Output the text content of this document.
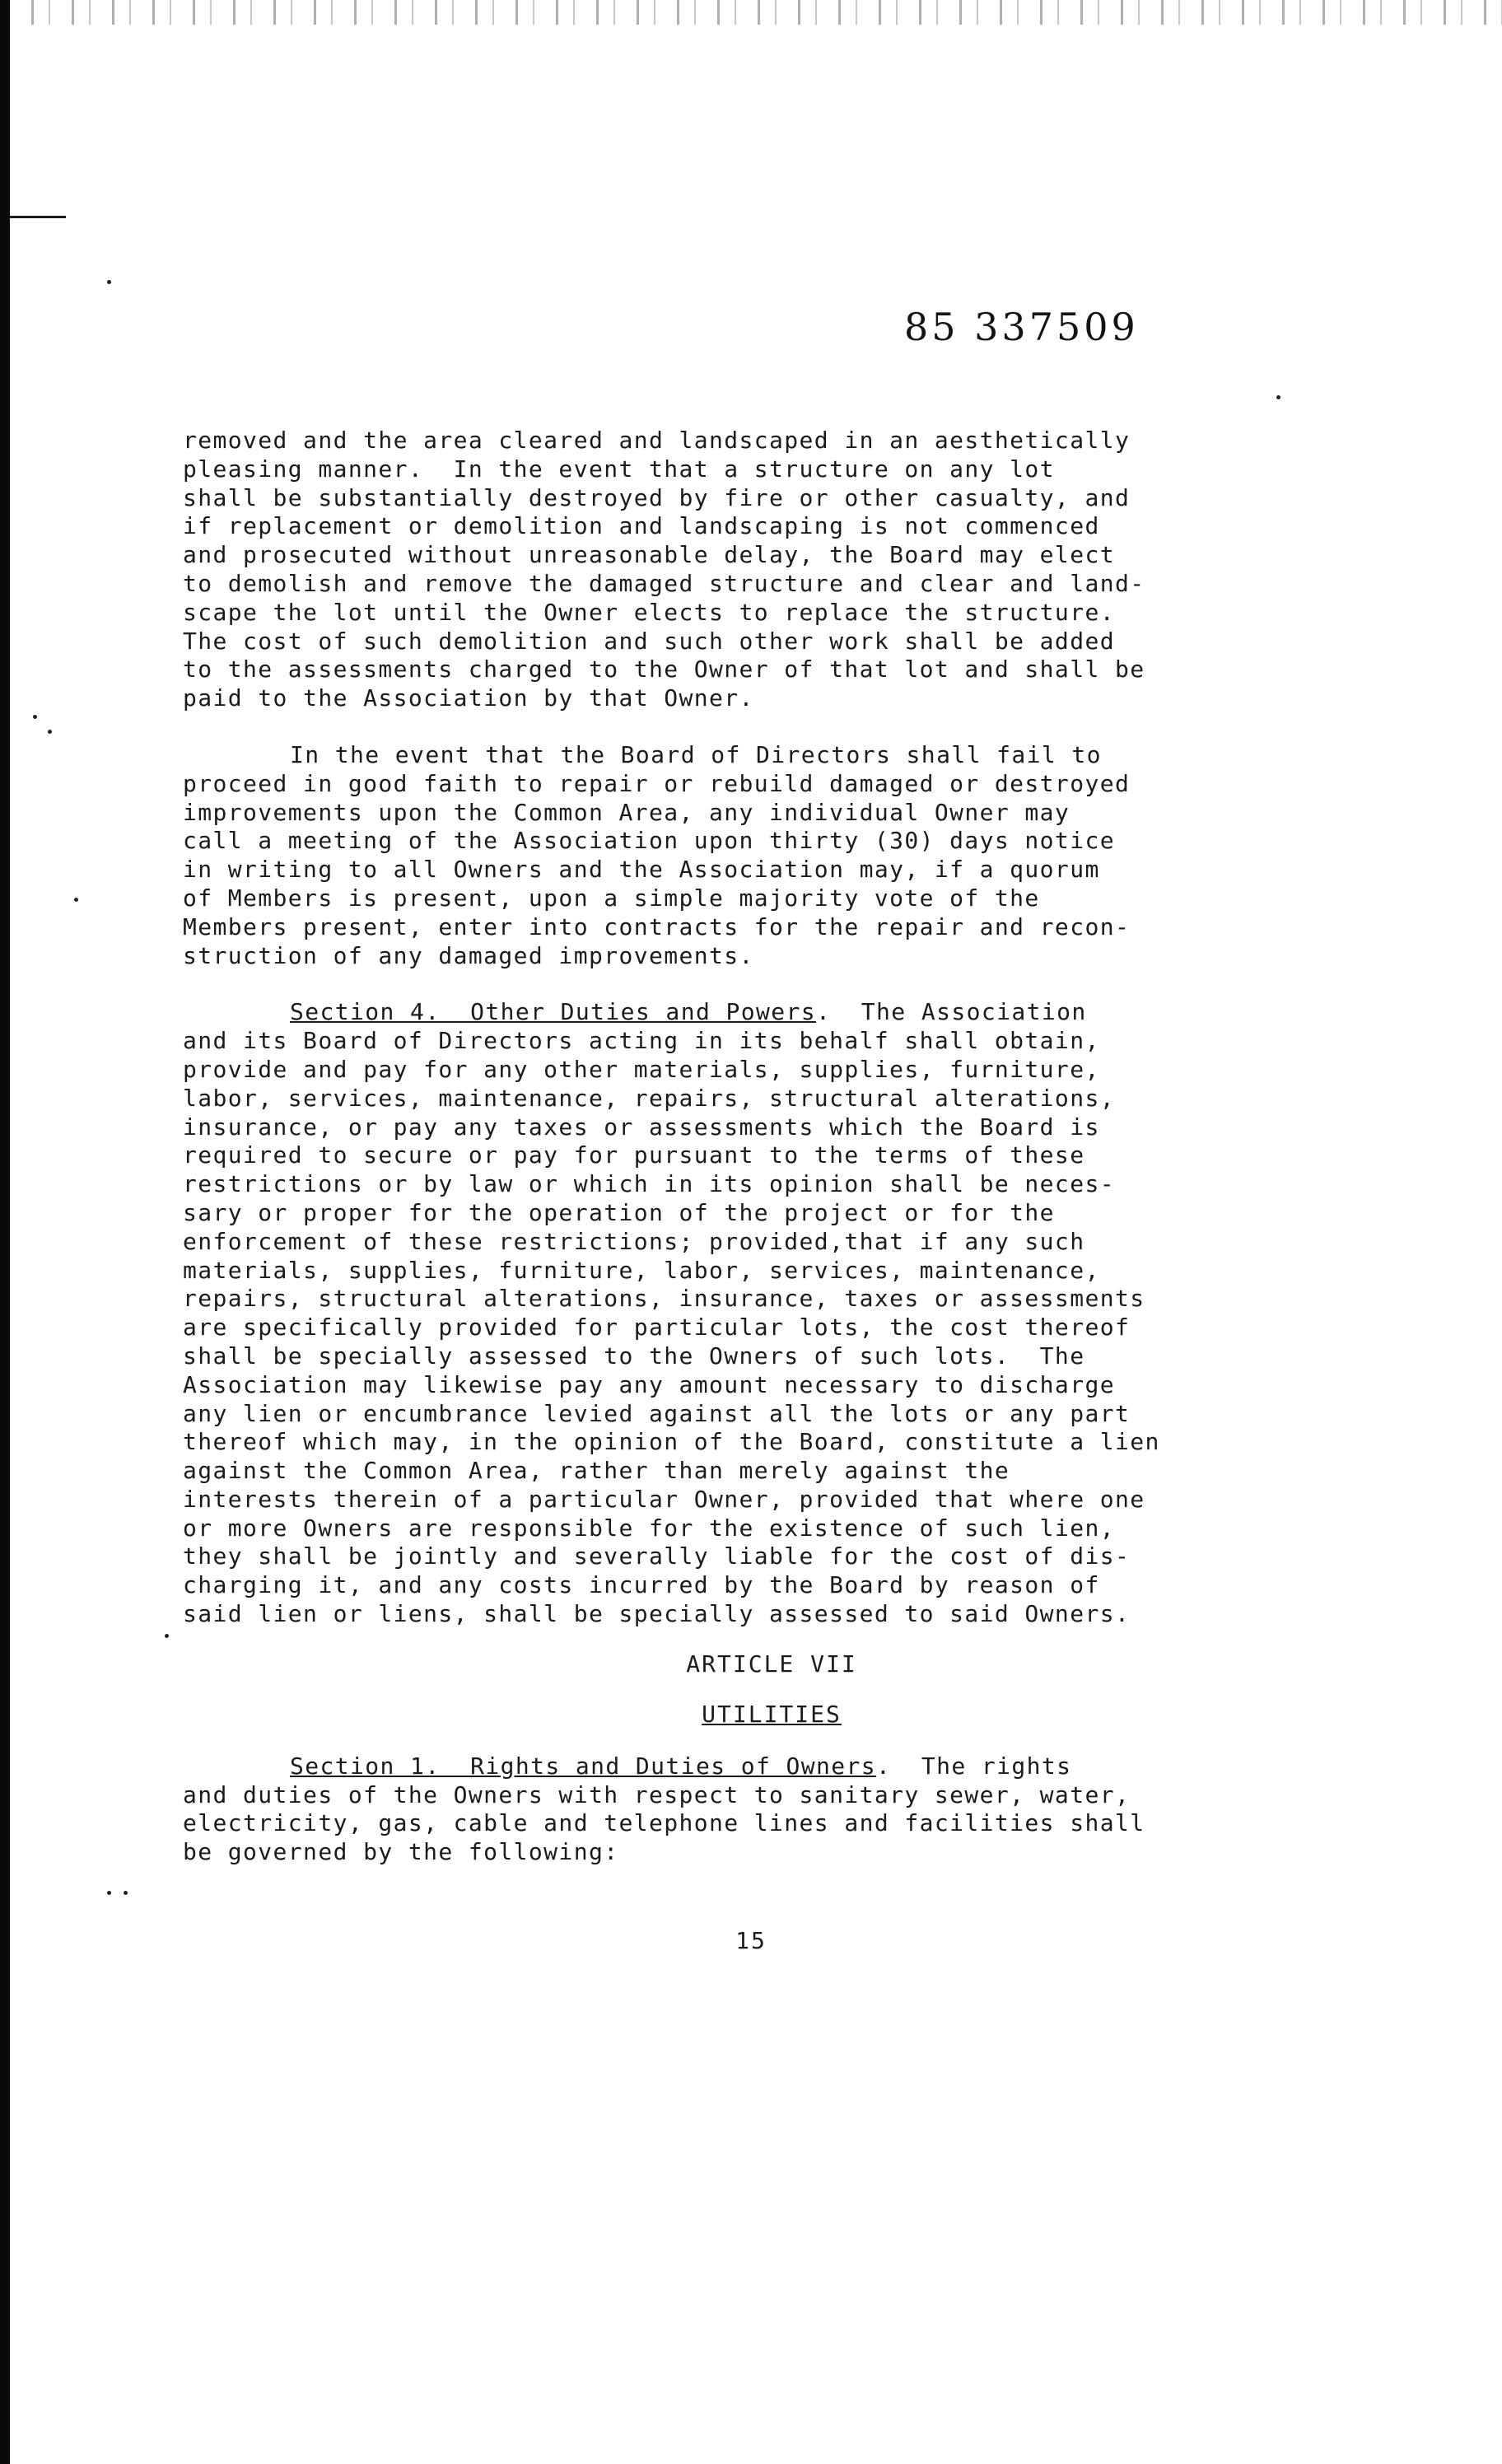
85 337509

removed and the area cleared and landscaped in an aesthetically
pleasing manner.  In the event that a structure on any lot
shall be substantially destroyed by fire or other casualty, and
if replacement or demolition and landscaping is not commenced
and prosecuted without unreasonable delay, the Board may elect
to demolish and remove the damaged structure and clear and land-
scape the lot until the Owner elects to replace the structure.
The cost of such demolition and such other work shall be added
to the assessments charged to the Owner of that lot and shall be
paid to the Association by that Owner.

In the event that the Board of Directors shall fail to
proceed in good faith to repair or rebuild damaged or destroyed
improvements upon the Common Area, any individual Owner may
call a meeting of the Association upon thirty (30) days notice
in writing to all Owners and the Association may, if a quorum
of Members is present, upon a simple majority vote of the
Members present, enter into contracts for the repair and recon-
struction of any damaged improvements.

Section 4.  Other Duties and Powers.  The Association
and its Board of Directors acting in its behalf shall obtain,
provide and pay for any other materials, supplies, furniture,
labor, services, maintenance, repairs, structural alterations,
insurance, or pay any taxes or assessments which the Board is
required to secure or pay for pursuant to the terms of these
restrictions or by law or which in its opinion shall be neces-
sary or proper for the operation of the project or for the
enforcement of these restrictions; provided,that if any such
materials, supplies, furniture, labor, services, maintenance,
repairs, structural alterations, insurance, taxes or assessments
are specifically provided for particular lots, the cost thereof
shall be specially assessed to the Owners of such lots.  The
Association may likewise pay any amount necessary to discharge
any lien or encumbrance levied against all the lots or any part
thereof which may, in the opinion of the Board, constitute a lien
against the Common Area, rather than merely against the
interests therein of a particular Owner, provided that where one
or more Owners are responsible for the existence of such lien,
they shall be jointly and severally liable for the cost of dis-
charging it, and any costs incurred by the Board by reason of
said lien or liens, shall be specially assessed to said Owners.

ARTICLE VII
UTILITIES

Section 1.  Rights and Duties of Owners.  The rights
and duties of the Owners with respect to sanitary sewer, water,
electricity, gas, cable and telephone lines and facilities shall
be governed by the following:

15
